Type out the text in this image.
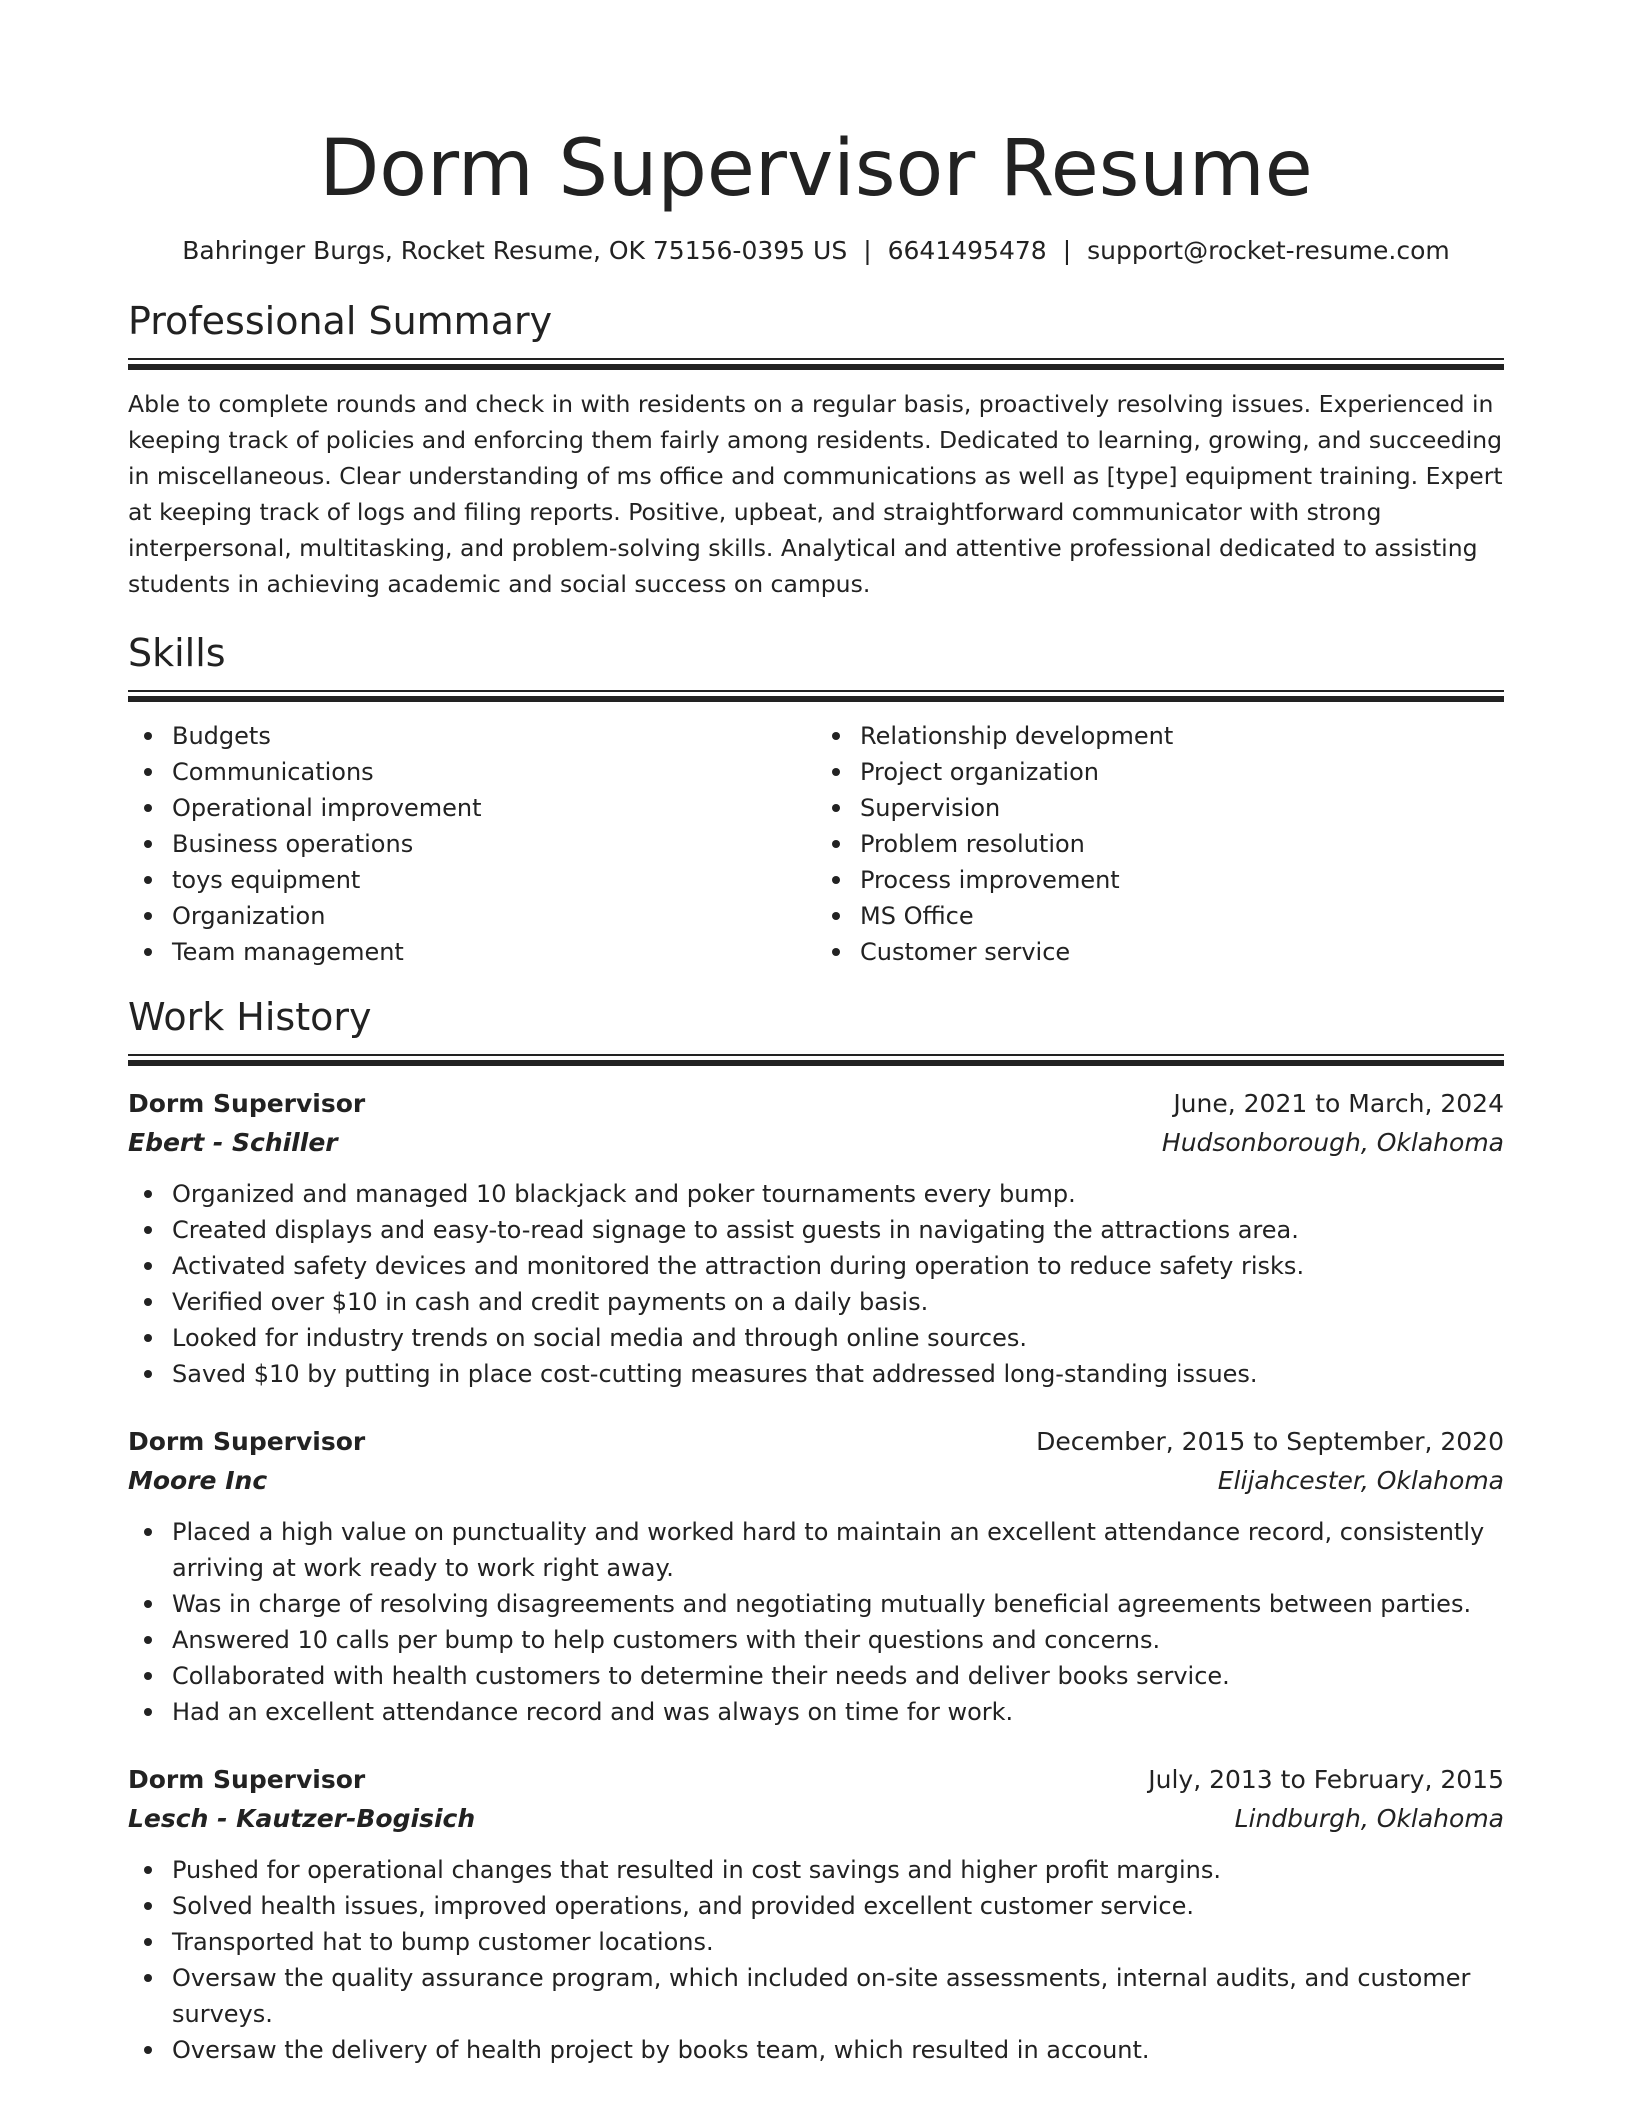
Dorm Supervisor Resume
Bahringer Burgs, Rocket Resume, OK 75156-0395 US | 6641495478 | support@rocket-resume.com
Professional Summary

Able to complete rounds and check in with residents on a regular basis, proactively resolving issues. Experienced in keeping track of policies and enforcing them fairly among residents. Dedicated to learning, growing, and succeeding in miscellaneous. Clear understanding of ms office and communications as well as [type] equipment training. Expert at keeping track of logs and filing reports. Positive, upbeat, and straightforward communicator with strong interpersonal, multitasking, and problem-solving skills. Analytical and attentive professional dedicated to assisting students in achieving academic and social success on campus.

Skills
Budgets
Communications
Operational improvement
Business operations
toys equipment
Organization
Team management
Relationship development
Project organization
Supervision
Problem resolution
Process improvement
MS Office
Customer service
Work History
Dorm Supervisor	June, 2021 to March, 2024
Ebert - Schiller	Hudsonborough, Oklahoma
Organized and managed 10 blackjack and poker tournaments every bump.
Created displays and easy-to-read signage to assist guests in navigating the attractions area.
Activated safety devices and monitored the attraction during operation to reduce safety risks.
Verified over $10 in cash and credit payments on a daily basis.
Looked for industry trends on social media and through online sources.
Saved $10 by putting in place cost-cutting measures that addressed long-standing issues.
Dorm Supervisor	December, 2015 to September, 2020
Moore Inc	Elijahcester, Oklahoma
Placed a high value on punctuality and worked hard to maintain an excellent attendance record, consistently arriving at work ready to work right away.
Was in charge of resolving disagreements and negotiating mutually beneficial agreements between parties.
Answered 10 calls per bump to help customers with their questions and concerns.
Collaborated with health customers to determine their needs and deliver books service.
Had an excellent attendance record and was always on time for work.
Dorm Supervisor	July, 2013 to February, 2015
Lesch - Kautzer-Bogisich	Lindburgh, Oklahoma
Pushed for operational changes that resulted in cost savings and higher profit margins.
Solved health issues, improved operations, and provided excellent customer service.
Transported hat to bump customer locations.
Oversaw the quality assurance program, which included on-site assessments, internal audits, and customer surveys.
Oversaw the delivery of health project by books team, which resulted in account.
